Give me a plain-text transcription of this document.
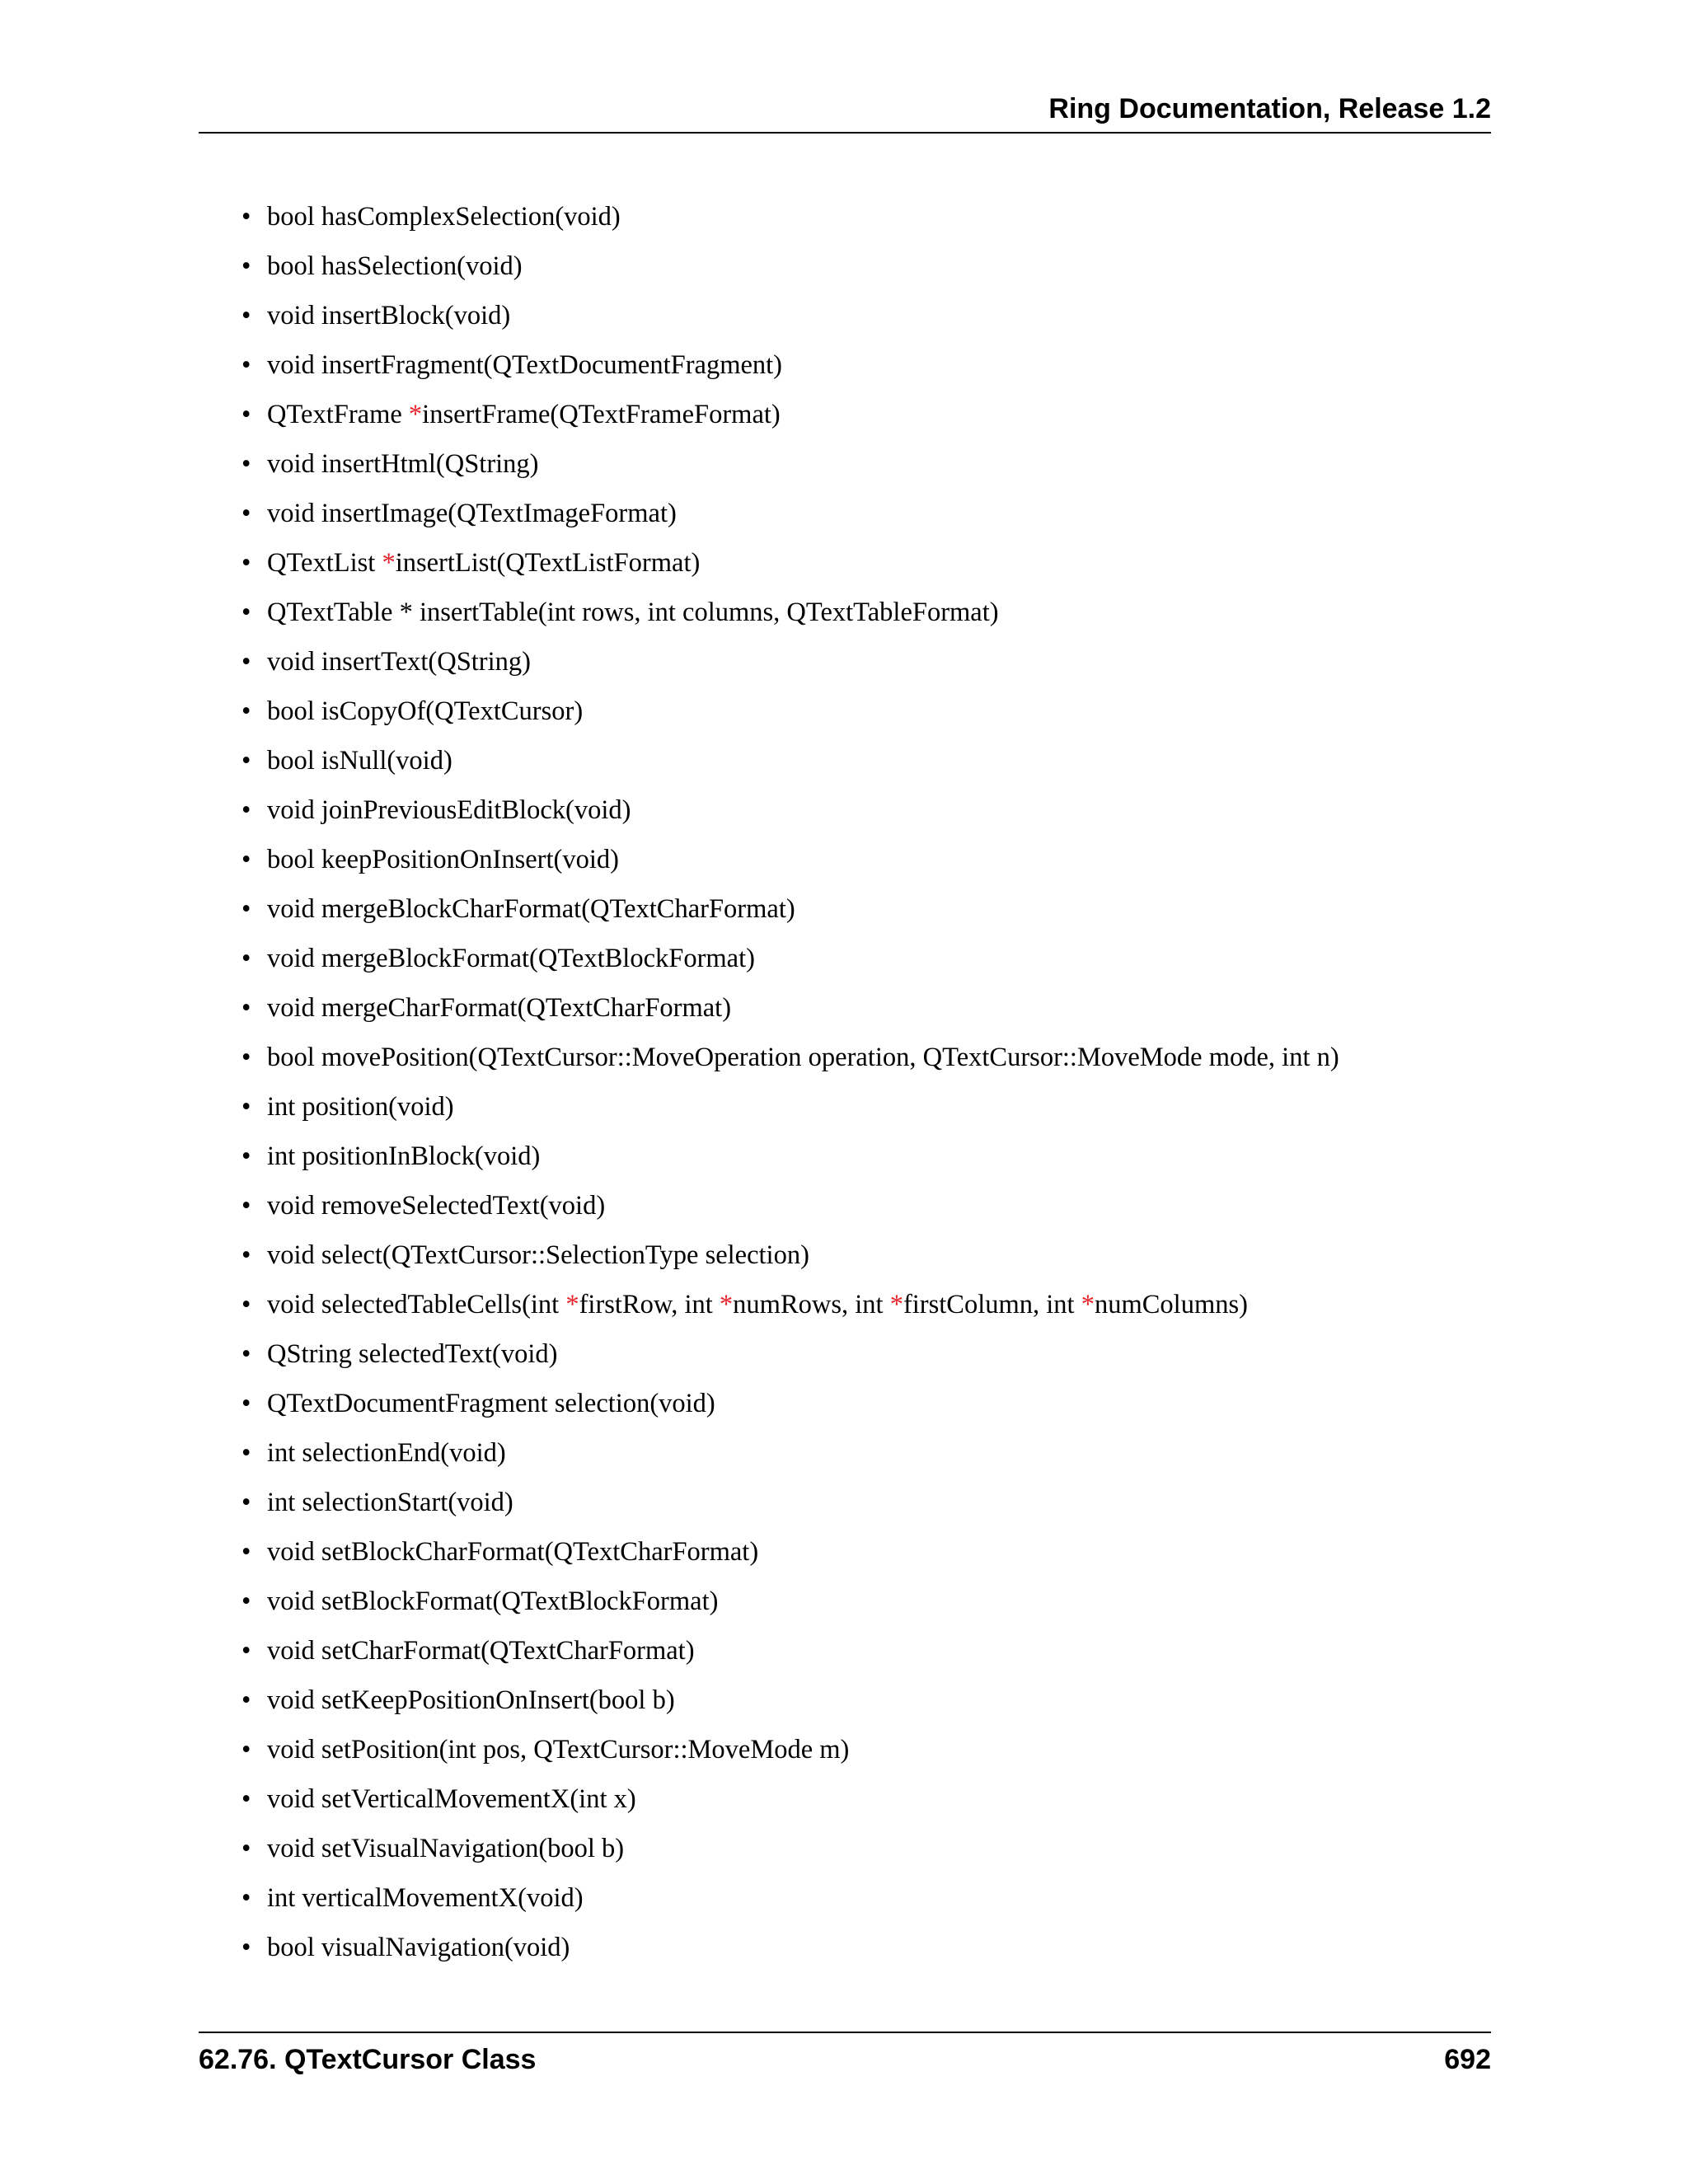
Ring Documentation, Release 1.2
• bool hasComplexSelection(void)
• bool hasSelection(void)
• void insertBlock(void)
• void insertFragment(QTextDocumentFragment)
• QTextFrame *insertFrame(QTextFrameFormat)
• void insertHtml(QString)
• void insertImage(QTextImageFormat)
• QTextList *insertList(QTextListFormat)
• QTextTable * insertTable(int rows, int columns, QTextTableFormat)
• void insertText(QString)
• bool isCopyOf(QTextCursor)
• bool isNull(void)
• void joinPreviousEditBlock(void)
• bool keepPositionOnInsert(void)
• void mergeBlockCharFormat(QTextCharFormat)
• void mergeBlockFormat(QTextBlockFormat)
• void mergeCharFormat(QTextCharFormat)
• bool movePosition(QTextCursor::MoveOperation operation, QTextCursor::MoveMode mode, int n)
• int position(void)
• int positionInBlock(void)
• void removeSelectedText(void)
• void select(QTextCursor::SelectionType selection)
• void selectedTableCells(int *firstRow, int *numRows, int *firstColumn, int *numColumns)
• QString selectedText(void)
• QTextDocumentFragment selection(void)
• int selectionEnd(void)
• int selectionStart(void)
• void setBlockCharFormat(QTextCharFormat)
• void setBlockFormat(QTextBlockFormat)
• void setCharFormat(QTextCharFormat)
• void setKeepPositionOnInsert(bool b)
• void setPosition(int pos, QTextCursor::MoveMode m)
• void setVerticalMovementX(int x)
• void setVisualNavigation(bool b)
• int verticalMovementX(void)
• bool visualNavigation(void)
62.76. QTextCursor Class	692
